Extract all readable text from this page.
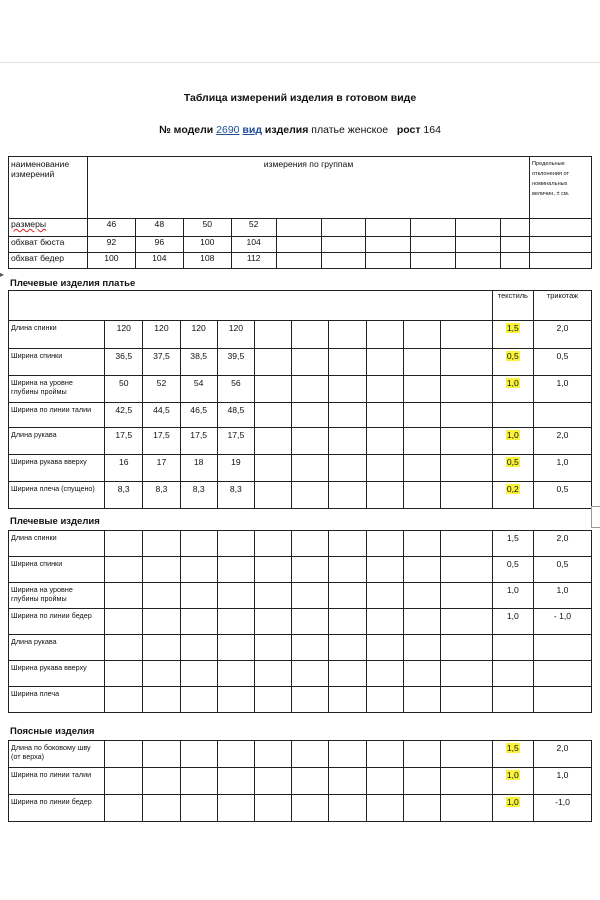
Таблица измерений изделия в готовом виде
№ модели 2690 вид изделия платье женское рост 164
наименование измерений	измерения по группам										Предельные отклонения от номинальных величин, ± см.
размеры	46	48	50	52							
обхват бюста	92	96	100	104							
обхват бедер	100	104	108	112							
▸
Плечевые изделия платье
											текстиль	трикотаж
Длина спинки	120	120	120	120							1,5	2,0
Ширина спинки	36,5	37,5	38,5	39,5							0,5	0,5
Ширина на уровне глубины проймы	50	52	54	56							1,0	1,0
Ширина по линии талии	42,5	44,5	46,5	48,5								
Длина рукава	17,5	17,5	17,5	17,5							1,0	2,0
Ширина рукава вверху	16	17	18	19							0,5	1,0
Ширина плеча (спущено)	8,3	8,3	8,3	8,3							0,2	0,5
Плечевые изделия
Длина спинки											1,5	2,0
Ширина спинки											0,5	0,5
Ширина на уровне глубины проймы											1,0	1,0
Ширина по линии бедер											1,0	- 1,0
Длина рукава												
Ширина рукава вверху												
Ширина плеча												
Поясные изделия
Длина по боковому шву (от верха)											1,5	2,0
Ширина по линии талии											1,0	1,0
Ширина по линии бедер											1,0	-1,0
